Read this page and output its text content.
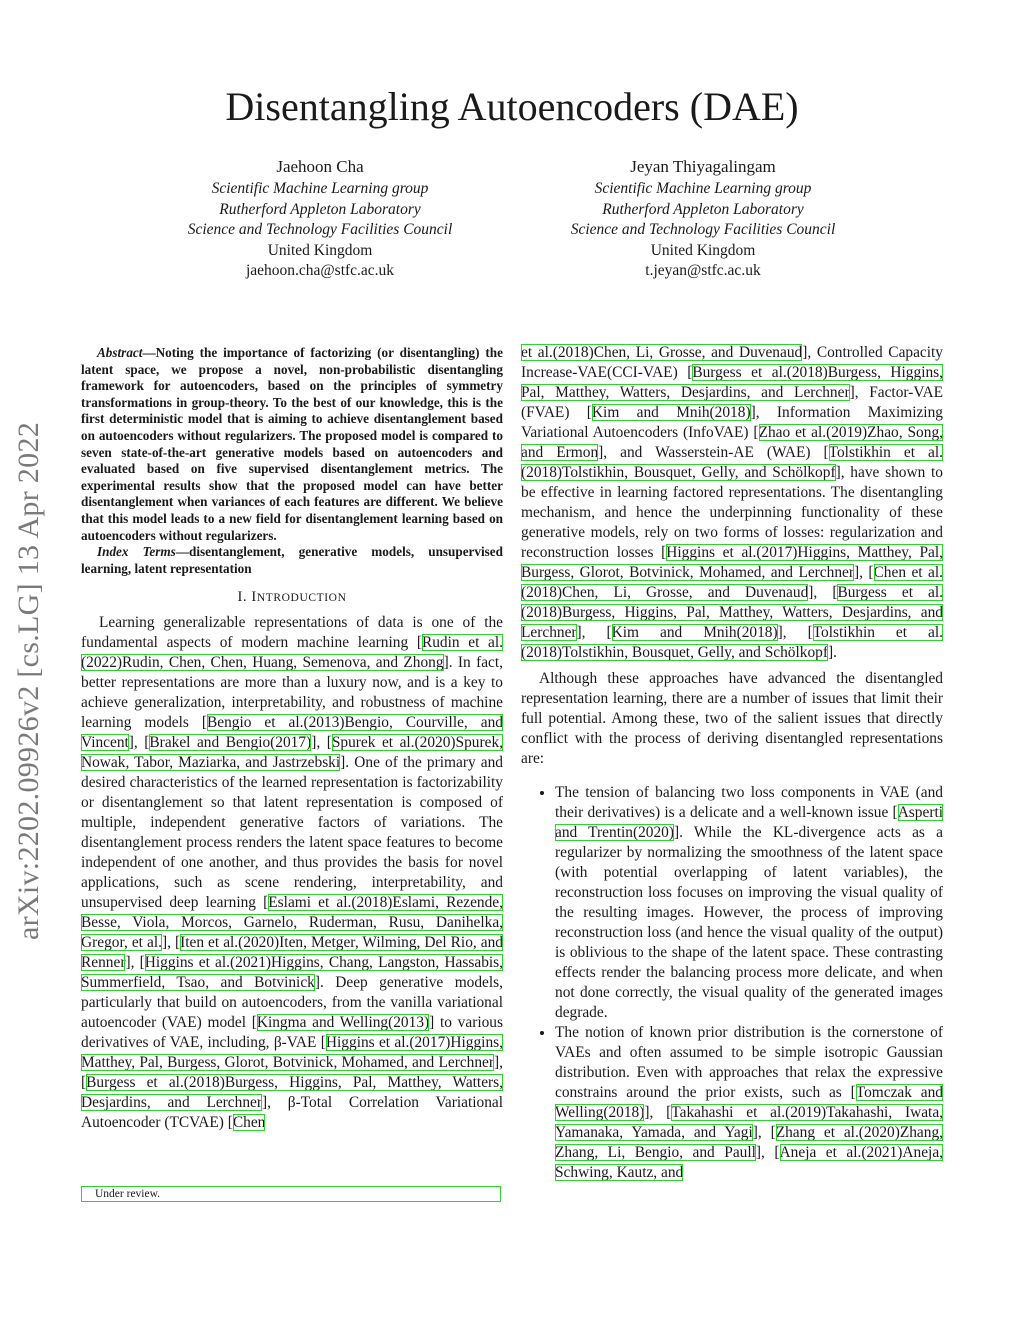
Disentangling Autoencoders (DAE)
Jaehoon Cha
Scientific Machine Learning group
Rutherford Appleton Laboratory
Science and Technology Facilities Council
United Kingdom
jaehoon.cha@stfc.ac.uk
Jeyan Thiyagalingam
Scientific Machine Learning group
Rutherford Appleton Laboratory
Science and Technology Facilities Council
United Kingdom
t.jeyan@stfc.ac.uk
arXiv:2202.09926v2 [cs.LG] 13 Apr 2022

Abstract—Noting the importance of factorizing (or disentangling) the latent space, we propose a novel, non-probabilistic disentangling framework for autoencoders, based on the principles of symmetry transformations in group-theory. To the best of our knowledge, this is the first deterministic model that is aiming to achieve disentanglement based on autoencoders without regularizers. The proposed model is compared to seven state-of-the-art generative models based on autoencoders and evaluated based on five supervised disentanglement metrics. The experimental results show that the proposed model can have better disentanglement when variances of each features are different. We believe that this model leads to a new field for disentanglement learning based on autoencoders without regularizers.

Index Terms—disentanglement, generative models, unsupervised learning, latent representation

I. INTRODUCTION

Learning generalizable representations of data is one of the fundamental aspects of modern machine learning [Rudin et al.(2022)Rudin, Chen, Chen, Huang, Semenova, and Zhong]. In fact, better representations are more than a luxury now, and is a key to achieve generalization, interpretability, and robustness of machine learning models [Bengio et al.(2013)Bengio, Courville, and Vincent], [Brakel and Bengio(2017)], [Spurek et al.(2020)Spurek, Nowak, Tabor, Maziarka, and Jastrzebski]. One of the primary and desired characteristics of the learned representation is factorizability or disentanglement so that latent representation is composed of multiple, independent generative factors of variations. The disentanglement process renders the latent space features to become independent of one another, and thus provides the basis for novel applications, such as scene rendering, interpretability, and unsupervised deep learning [Eslami et al.(2018)Eslami, Rezende, Besse, Viola, Morcos, Garnelo, Ruderman, Rusu, Danihelka, Gregor, et al.], [Iten et al.(2020)Iten, Metger, Wilming, Del Rio, and Renner], [Higgins et al.(2021)Higgins, Chang, Langston, Hassabis, Summerfield, Tsao, and Botvinick]. Deep generative models, particularly that build on autoencoders, from the vanilla variational autoencoder (VAE) model [Kingma and Welling(2013)] to various derivatives of VAE, including, β-VAE [Higgins et al.(2017)Higgins, Matthey, Pal, Burgess, Glorot, Botvinick, Mohamed, and Lerchner], [Burgess et al.(2018)Burgess, Higgins, Pal, Matthey, Watters, Desjardins, and Lerchner], β-Total Correlation Variational Autoencoder (TCVAE) [Chen

Under review.

et al.(2018)Chen, Li, Grosse, and Duvenaud], Controlled Capacity Increase-VAE(CCI-VAE) [Burgess et al.(2018)Burgess, Higgins, Pal, Matthey, Watters, Desjardins, and Lerchner], Factor-VAE (FVAE) [Kim and Mnih(2018)], Information Maximizing Variational Autoencoders (InfoVAE) [Zhao et al.(2019)Zhao, Song, and Ermon], and Wasserstein-AE (WAE) [Tolstikhin et al.(2018)Tolstikhin, Bousquet, Gelly, and Schölkopf], have shown to be effective in learning factored representations. The disentangling mechanism, and hence the underpinning functionality of these generative models, rely on two forms of losses: regularization and reconstruction losses [Higgins et al.(2017)Higgins, Matthey, Pal, Burgess, Glorot, Botvinick, Mohamed, and Lerchner], [Chen et al.(2018)Chen, Li, Grosse, and Duvenaud], [Burgess et al.(2018)Burgess, Higgins, Pal, Matthey, Watters, Desjardins, and Lerchner], [Kim and Mnih(2018)], [Tolstikhin et al.(2018)Tolstikhin, Bousquet, Gelly, and Schölkopf].

Although these approaches have advanced the disentangled representation learning, there are a number of issues that limit their full potential. Among these, two of the salient issues that directly conflict with the process of deriving disentangled representations are:

• The tension of balancing two loss components in VAE (and their derivatives) is a delicate and a well-known issue [Asperti and Trentin(2020)]. While the KL-divergence acts as a regularizer by normalizing the smoothness of the latent space (with potential overlapping of latent variables), the reconstruction loss focuses on improving the visual quality of the resulting images. However, the process of improving reconstruction loss (and hence the visual quality of the output) is oblivious to the shape of the latent space. These contrasting effects render the balancing process more delicate, and when not done correctly, the visual quality of the generated images degrade.
• The notion of known prior distribution is the cornerstone of VAEs and often assumed to be simple isotropic Gaussian distribution. Even with approaches that relax the expressive constrains around the prior exists, such as [Tomczak and Welling(2018)], [Takahashi et al.(2019)Takahashi, Iwata, Yamanaka, Yamada, and Yagi], [Zhang et al.(2020)Zhang, Zhang, Li, Bengio, and Paull], [Aneja et al.(2021)Aneja, Schwing, Kautz, and
